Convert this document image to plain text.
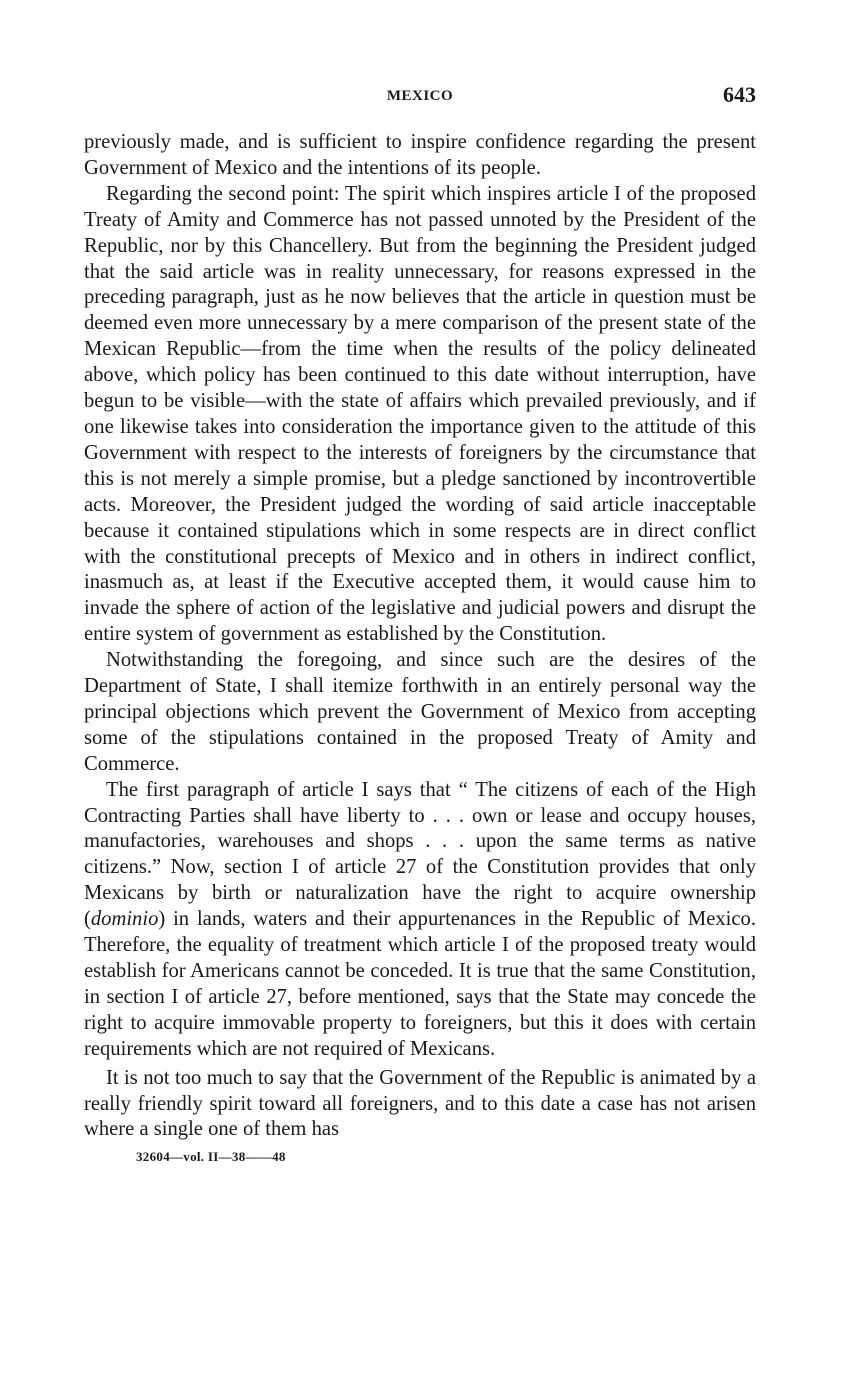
MEXICO	643

previously made, and is sufficient to inspire confidence regarding the present Government of Mexico and the intentions of its people.

Regarding the second point: The spirit which inspires article I of the proposed Treaty of Amity and Commerce has not passed unnoted by the President of the Republic, nor by this Chancellery. But from the beginning the President judged that the said article was in reality unnecessary, for reasons expressed in the preceding paragraph, just as he now believes that the article in question must be deemed even more unnecessary by a mere comparison of the present state of the Mexican Republic—from the time when the results of the policy delineated above, which policy has been continued to this date without interruption, have begun to be visible—with the state of affairs which prevailed previously, and if one likewise takes into consideration the importance given to the attitude of this Government with respect to the interests of foreigners by the circumstance that this is not merely a simple promise, but a pledge sanctioned by incontrovertible acts. Moreover, the President judged the wording of said article inacceptable because it contained stipulations which in some respects are in direct conflict with the constitutional precepts of Mexico and in others in indirect conflict, inasmuch as, at least if the Executive accepted them, it would cause him to invade the sphere of action of the legislative and judicial powers and disrupt the entire system of government as established by the Constitution.

Notwithstanding the foregoing, and since such are the desires of the Department of State, I shall itemize forthwith in an entirely personal way the principal objections which prevent the Government of Mexico from accepting some of the stipulations contained in the proposed Treaty of Amity and Commerce.

The first paragraph of article I says that “ The citizens of each of the High Contracting Parties shall have liberty to . . . own or lease and occupy houses, manufactories, warehouses and shops . . . upon the same terms as native citizens.” Now, section I of article 27 of the Constitution provides that only Mexicans by birth or naturalization have the right to acquire ownership (dominio) in lands, waters and their appurtenances in the Republic of Mexico. Therefore, the equality of treatment which article I of the proposed treaty would establish for Americans cannot be conceded. It is true that the same Constitution, in section I of article 27, before mentioned, says that the State may concede the right to acquire immovable property to foreigners, but this it does with certain requirements which are not required of Mexicans.

It is not too much to say that the Government of the Republic is animated by a really friendly spirit toward all foreigners, and to this date a case has not arisen where a single one of them has

32604—vol. II—38——48
